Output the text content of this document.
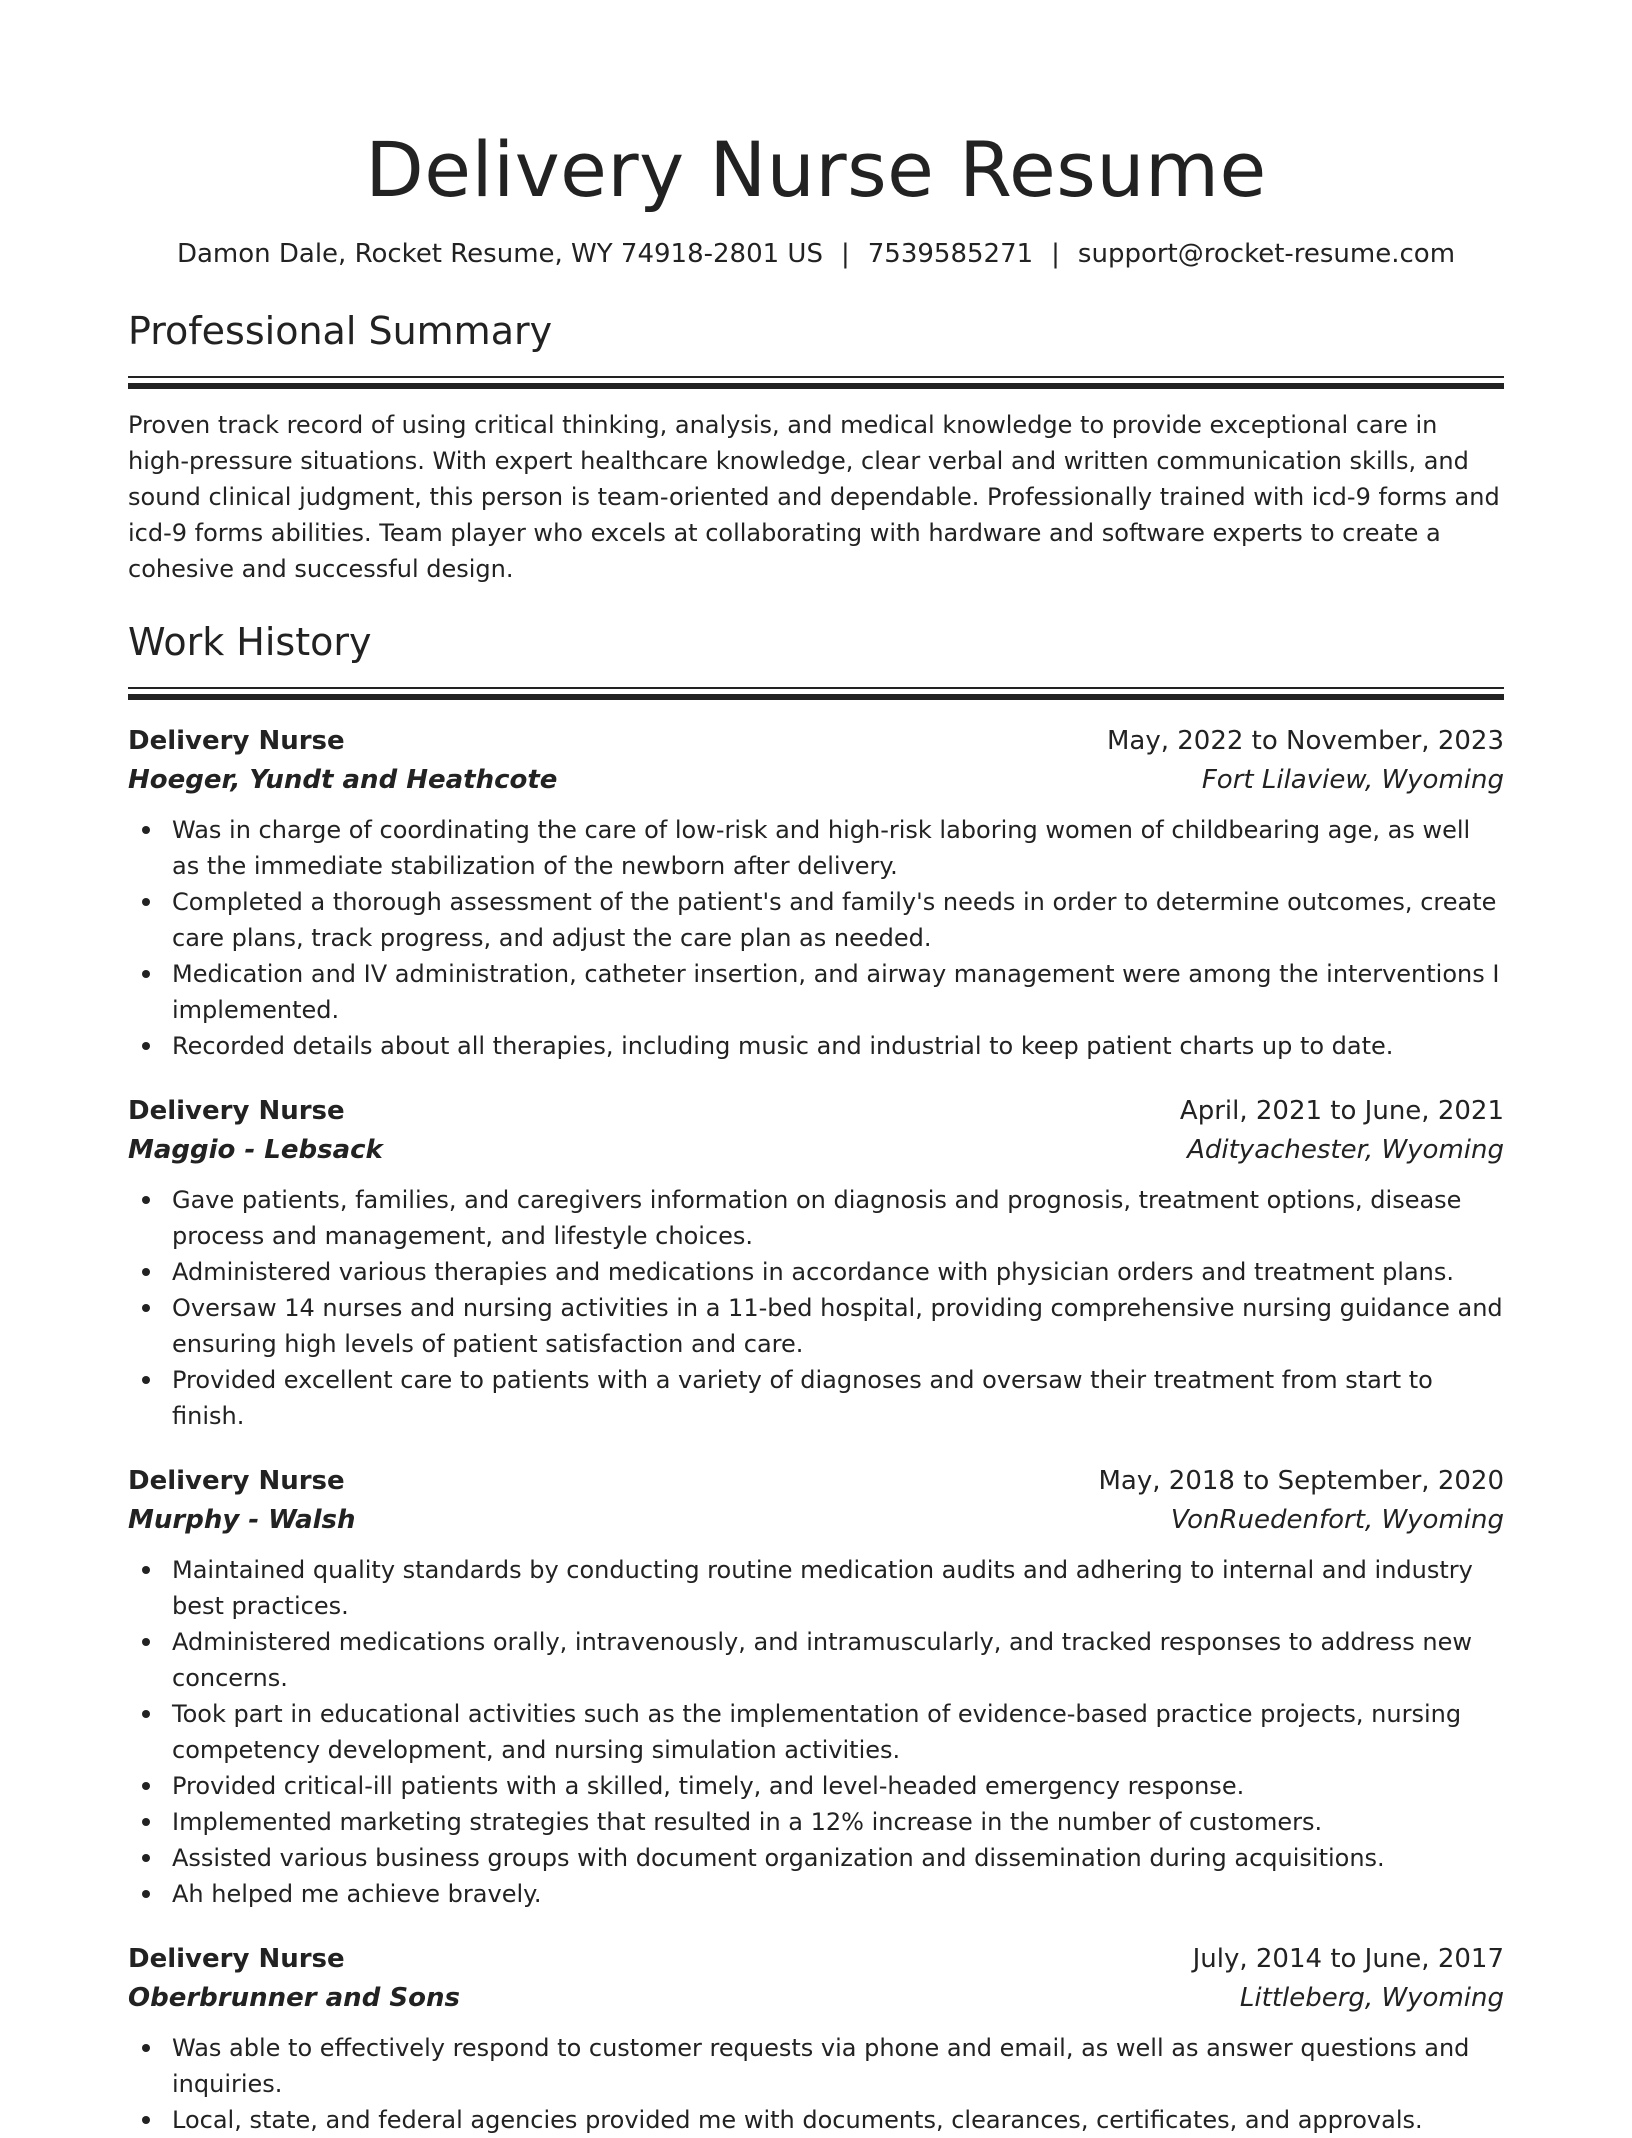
Delivery Nurse Resume
Damon Dale, Rocket Resume, WY 74918-2801 US | 7539585271 | support@rocket-resume.com
Professional Summary

Proven track record of using critical thinking, analysis, and medical knowledge to provide exceptional care in high-pressure situations. With expert healthcare knowledge, clear verbal and written communication skills, and sound clinical judgment, this person is team-oriented and dependable. Professionally trained with icd-9 forms and icd-9 forms abilities. Team player who excels at collaborating with hardware and software experts to create a cohesive and successful design.

Work History
Delivery Nurse	May, 2022 to November, 2023
Hoeger, Yundt and Heathcote	Fort Lilaview, Wyoming
Was in charge of coordinating the care of low-risk and high-risk laboring women of childbearing age, as well as the immediate stabilization of the newborn after delivery.
Completed a thorough assessment of the patient's and family's needs in order to determine outcomes, create care plans, track progress, and adjust the care plan as needed.
Medication and IV administration, catheter insertion, and airway management were among the interventions I implemented.
Recorded details about all therapies, including music and industrial to keep patient charts up to date.
Delivery Nurse	April, 2021 to June, 2021
Maggio - Lebsack	Adityachester, Wyoming
Gave patients, families, and caregivers information on diagnosis and prognosis, treatment options, disease process and management, and lifestyle choices.
Administered various therapies and medications in accordance with physician orders and treatment plans.
Oversaw 14 nurses and nursing activities in a 11-bed hospital, providing comprehensive nursing guidance and ensuring high levels of patient satisfaction and care.
Provided excellent care to patients with a variety of diagnoses and oversaw their treatment from start to finish.
Delivery Nurse	May, 2018 to September, 2020
Murphy - Walsh	VonRuedenfort, Wyoming
Maintained quality standards by conducting routine medication audits and adhering to internal and industry best practices.
Administered medications orally, intravenously, and intramuscularly, and tracked responses to address new concerns.
Took part in educational activities such as the implementation of evidence-based practice projects, nursing competency development, and nursing simulation activities.
Provided critical-ill patients with a skilled, timely, and level-headed emergency response.
Implemented marketing strategies that resulted in a 12% increase in the number of customers.
Assisted various business groups with document organization and dissemination during acquisitions.
Ah helped me achieve bravely.
Delivery Nurse	July, 2014 to June, 2017
Oberbrunner and Sons	Littleberg, Wyoming
Was able to effectively respond to customer requests via phone and email, as well as answer questions and inquiries.
Local, state, and federal agencies provided me with documents, clearances, certificates, and approvals.
